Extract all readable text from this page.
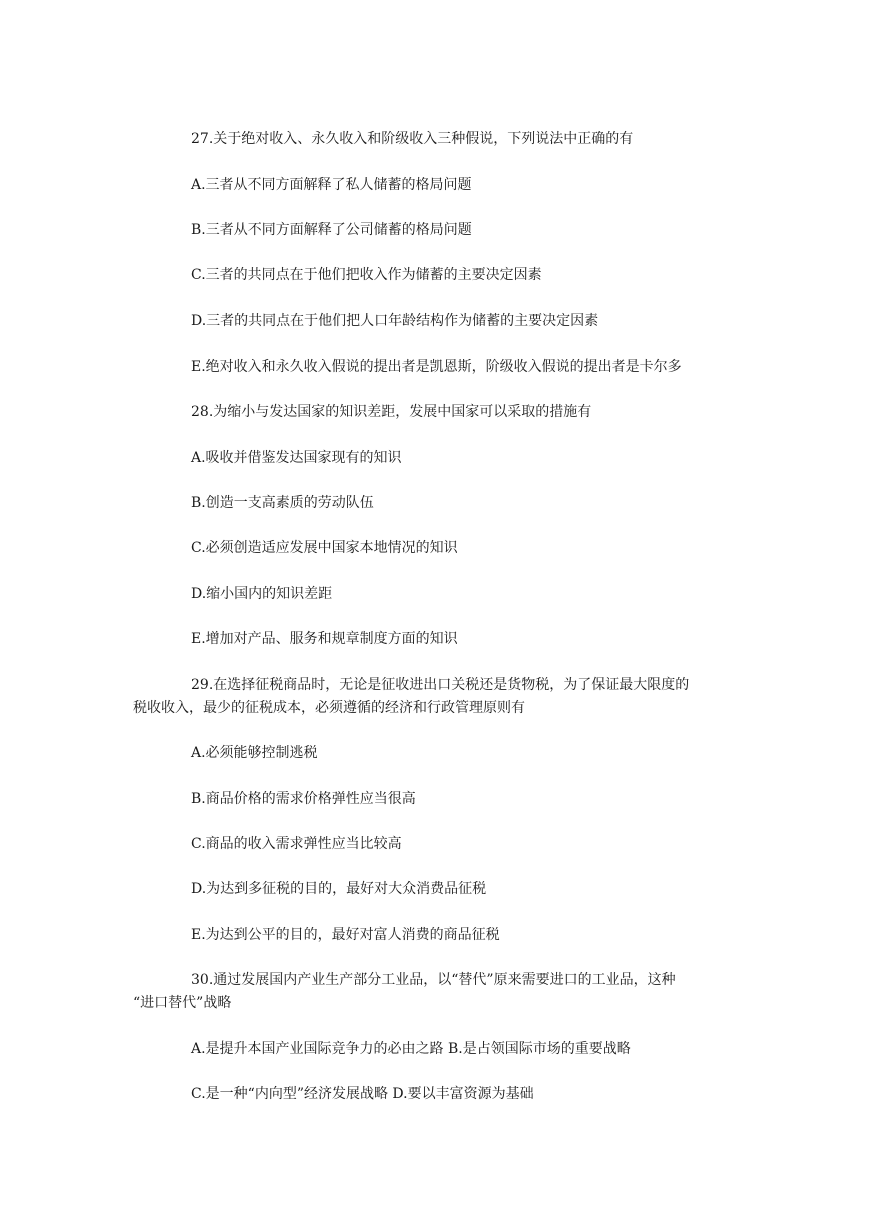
27.关于绝对收入、永久收入和阶级收入三种假说，下列说法中正确的有
A.三者从不同方面解释了私人储蓄的格局问题
B.三者从不同方面解释了公司储蓄的格局问题
C.三者的共同点在于他们把收入作为储蓄的主要决定因素
D.三者的共同点在于他们把人口年龄结构作为储蓄的主要决定因素
E.绝对收入和永久收入假说的提出者是凯恩斯，阶级收入假说的提出者是卡尔多
28.为缩小与发达国家的知识差距，发展中国家可以采取的措施有
A.吸收并借鉴发达国家现有的知识
B.创造一支高素质的劳动队伍
C.必须创造适应发展中国家本地情况的知识
D.缩小国内的知识差距
E.增加对产品、服务和规章制度方面的知识
29.在选择征税商品时，无论是征收进出口关税还是货物税，为了保证最大限度的
税收收入，最少的征税成本，必须遵循的经济和行政管理原则有
A.必须能够控制逃税
B.商品价格的需求价格弹性应当很高
C.商品的收入需求弹性应当比较高
D.为达到多征税的目的，最好对大众消费品征税
E.为达到公平的目的，最好对富人消费的商品征税
30.通过发展国内产业生产部分工业品，以“替代”原来需要进口的工业品，这种
“进口替代”战略
A.是提升本国产业国际竞争力的必由之路 B.是占领国际市场的重要战略
C.是一种“内向型”经济发展战略 D.要以丰富资源为基础
